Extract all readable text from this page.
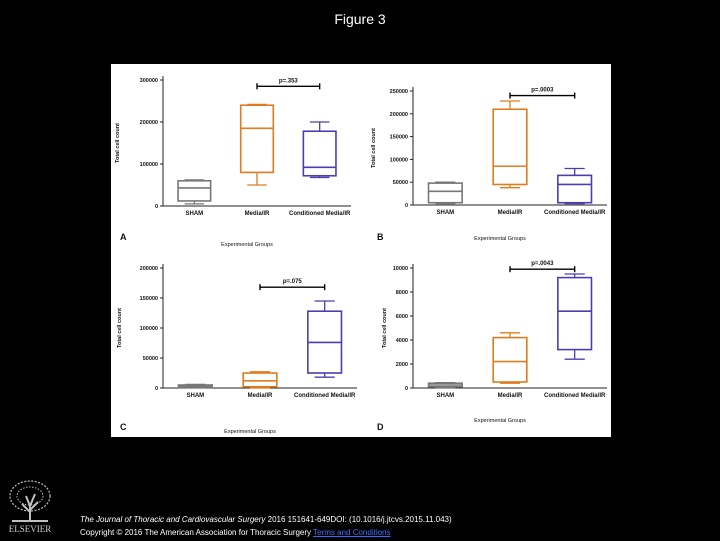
Figure 3
0
100000
200000
300000
SHAM	Media/IR	Conditioned Media/IR
p=.353
Total cell count
Experimental Groups
A
0
50000
100000
150000
200000
250000
SHAM	Media/IR	Conditioned Media/IR
p=.0003
Total cell count
Experimental Groups
B
0
50000
100000
150000
200000
SHAM	Media/IR	Conditioned Media/IR
p=.075
Total cell count
Experimental Groups
C
0
2000
4000
6000
8000
10000
SHAM	Media/IR	Conditioned Media/IR
p=.0043
Total cell count
Experimental Groups
D
ELSEVIER
The Journal of Thoracic and Cardiovascular Surgery 2016 151641-649DOI: (10.1016/j.jtcvs.2015.11.043)
Copyright © 2016 The American Association for Thoracic Surgery Terms and Conditions
